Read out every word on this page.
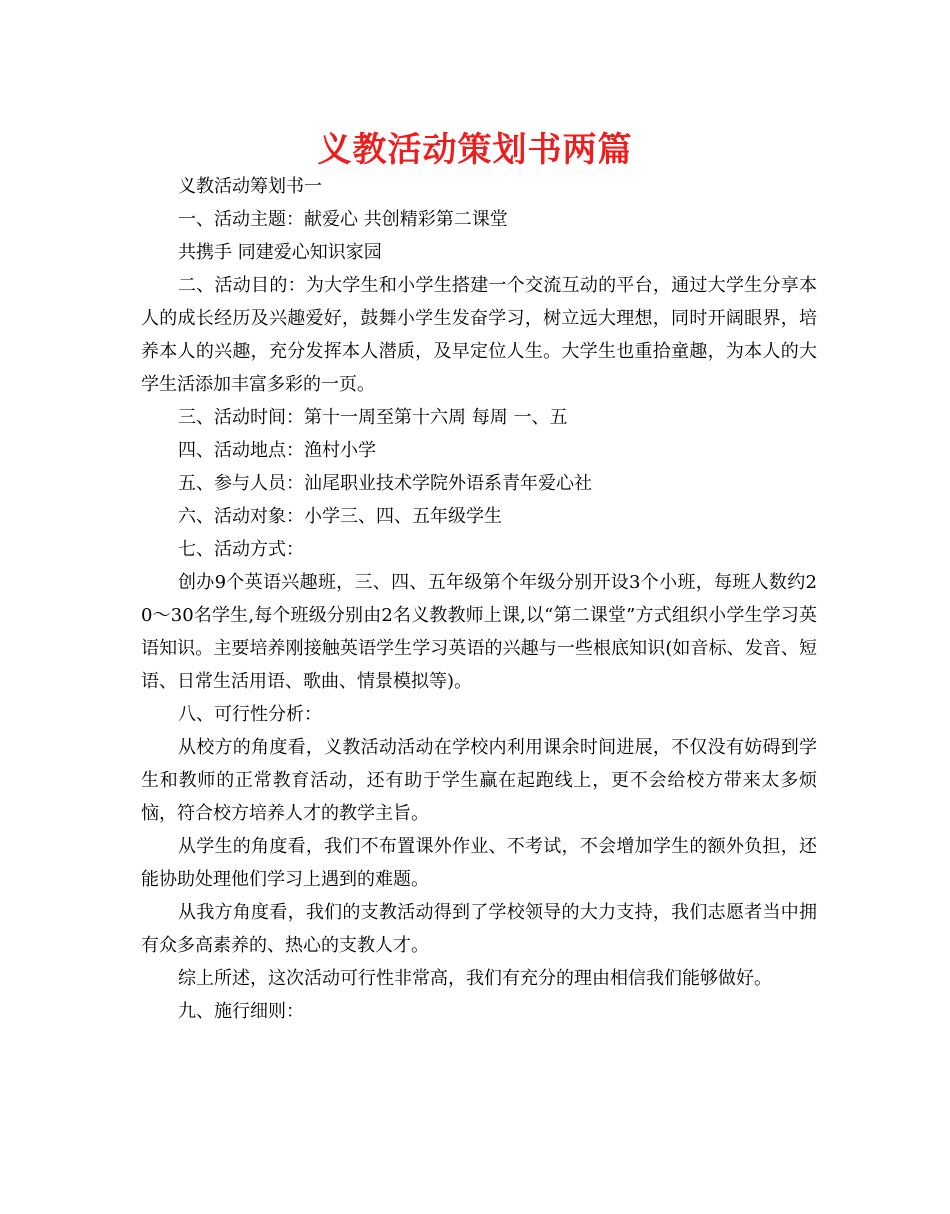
义教活动策划书两篇

义教活动筹划书一

一、活动主题：献爱心 共创精彩第二课堂

共携手 同建爱心知识家园

二、活动目的：为大学生和小学生搭建一个交流互动的平台，通过大学生分享本人的成长经历及兴趣爱好，鼓舞小学生发奋学习，树立远大理想，同时开阔眼界，培养本人的兴趣，充分发挥本人潜质，及早定位人生。大学生也重拾童趣，为本人的大学生活添加丰富多彩的一页。

三、活动时间：第十一周至第十六周 每周 一、五

四、活动地点：渔村小学

五、参与人员：汕尾职业技术学院外语系青年爱心社

六、活动对象：小学三、四、五年级学生

七、活动方式：

创办9个英语兴趣班，三、四、五年级第个年级分别开设3个小班，每班人数约20～30名学生,每个班级分别由2名义教教师上课,以“第二课堂”方式组织小学生学习英语知识。主要培养刚接触英语学生学习英语的兴趣与一些根底知识(如音标、发音、短语、日常生活用语、歌曲、情景模拟等)。

八、可行性分析：

从校方的角度看，义教活动活动在学校内利用课余时间进展，不仅没有妨碍到学生和教师的正常教育活动，还有助于学生赢在起跑线上，更不会给校方带来太多烦恼，符合校方培养人才的教学主旨。

从学生的角度看，我们不布置课外作业、不考试，不会增加学生的额外负担，还能协助处理他们学习上遇到的难题。

从我方角度看，我们的支教活动得到了学校领导的大力支持，我们志愿者当中拥有众多高素养的、热心的支教人才。

综上所述，这次活动可行性非常高，我们有充分的理由相信我们能够做好。

九、施行细则：
